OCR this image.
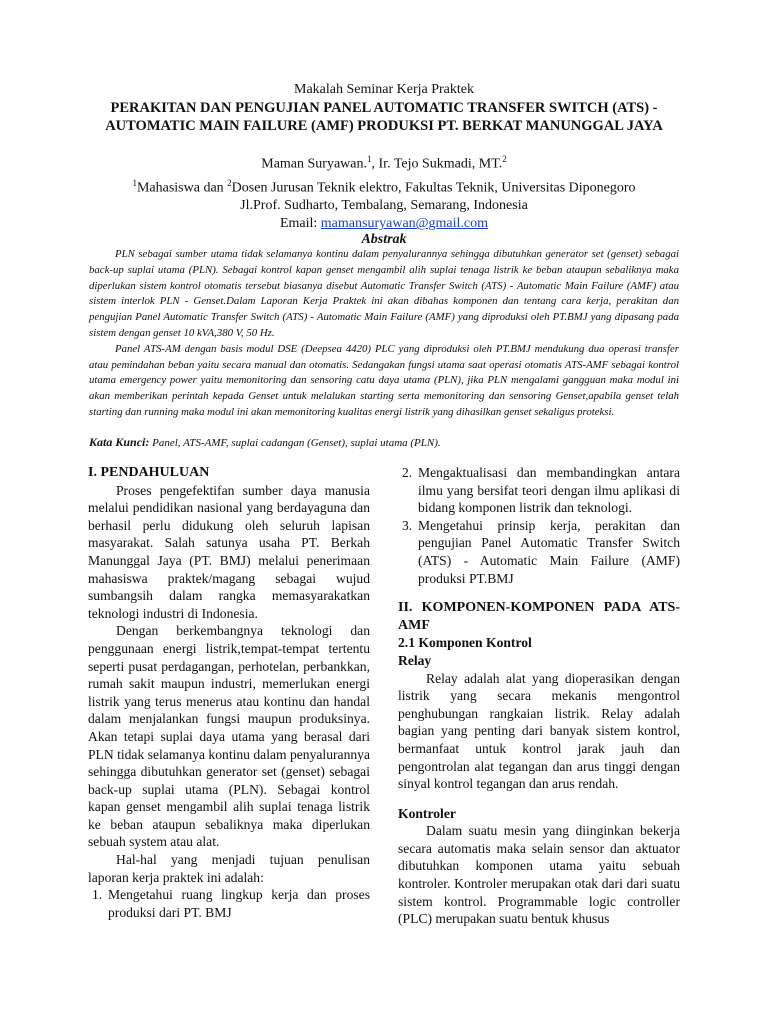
Makalah Seminar Kerja Praktek
PERAKITAN DAN PENGUJIAN PANEL AUTOMATIC TRANSFER SWITCH (ATS) -
AUTOMATIC MAIN FAILURE (AMF) PRODUKSI PT. BERKAT MANUNGGAL JAYA
Maman Suryawan.$^1$, Ir. Tejo Sukmadi, MT.$^2$
$^1$Mahasiswa dan $^2$Dosen Jurusan Teknik elektro, Fakultas Teknik, Universitas Diponegoro
Jl.Prof. Sudharto, Tembalang, Semarang, Indonesia
Email: mamansuryawan@gmail.com
Abstrak

PLN sebagai sumber utama tidak selamanya kontinu dalam penyalurannya sehingga dibutuhkan generator set (genset) sebagai back-up suplai utama (PLN). Sebagai kontrol kapan genset mengambil alih suplai tenaga listrik ke beban ataupun sebaliknya maka diperlukan sistem kontrol otomatis tersebut biasanya disebut Automatic Transfer Switch (ATS) - Automatic Main Failure (AMF) atau sistem interlok PLN - Genset.Dalam Laporan Kerja Praktek ini akan dibahas komponen dan tentang cara kerja, perakitan dan pengujian Panel Automatic Transfer Switch (ATS) - Automatic Main Failure (AMF) yang diproduksi oleh PT.BMJ yang dipasang pada sistem dengan genset 10 kVA,380 V, 50 Hz.

Panel ATS-AM dengan basis modul DSE (Deepsea 4420) PLC yang diproduksi oleh PT.BMJ mendukung dua operasi transfer atau pemindahan beban yaitu secara manual dan otomatis. Sedangakan fungsi utama saat operasi otomatis ATS-AMF sebagai kontrol utama emergency power yaitu memonitoring dan sensoring catu daya utama (PLN), jika PLN mengalami gangguan maka modul ini akan memberikan perintah kepada Genset untuk melalukan starting serta memonitoring dan sensoring Genset,apabila genset telah starting dan running maka modul ini akan memonitoring kualitas energi listrik yang dihasilkan genset sekaligus proteksi.

Kata Kunci: Panel, ATS-AMF, suplai cadangan (Genset), suplai utama (PLN).
I. PENDAHULUAN

Proses pengefektifan sumber daya manusia melalui pendidikan nasional yang berdayaguna dan berhasil perlu didukung oleh seluruh lapisan masyarakat. Salah satunya usaha PT. Berkah Manunggal Jaya (PT. BMJ) melalui penerimaan mahasiswa praktek/magang sebagai wujud sumbangsih dalam rangka memasyarakatkan teknologi industri di Indonesia.

Dengan berkembangnya teknologi dan penggunaan energi listrik,tempat-tempat tertentu seperti pusat perdagangan, perhotelan, perbankkan, rumah sakit maupun industri, memerlukan energi listrik yang terus menerus atau kontinu dan handal dalam menjalankan fungsi maupun produksinya. Akan tetapi suplai daya utama yang berasal dari PLN tidak selamanya kontinu dalam penyalurannya sehingga dibutuhkan generator set (genset) sebagai back-up suplai utama (PLN). Sebagai kontrol kapan genset mengambil alih suplai tenaga listrik ke beban ataupun sebaliknya maka diperlukan sebuah system atau alat.

Hal-hal yang menjadi tujuan penulisan laporan kerja praktek ini adalah:

1. Mengetahui ruang lingkup kerja dan proses produksi dari PT. BMJ
2. Mengaktualisasi dan membandingkan antara ilmu yang bersifat teori dengan ilmu aplikasi di bidang komponen listrik dan teknologi.
3. Mengetahui prinsip kerja, perakitan dan pengujian Panel Automatic Transfer Switch (ATS) - Automatic Main Failure (AMF) produksi PT.BMJ
II. KOMPONEN-KOMPONEN PADA ATS-AMF
2.1 Komponen Kontrol
Relay

Relay adalah alat yang dioperasikan dengan listrik yang secara mekanis mengontrol penghubungan rangkaian listrik. Relay adalah bagian yang penting dari banyak sistem kontrol, bermanfaat untuk kontrol jarak jauh dan pengontrolan alat tegangan dan arus tinggi dengan sinyal kontrol tegangan dan arus rendah.

Kontroler

Dalam suatu mesin yang diinginkan bekerja secara automatis maka selain sensor dan aktuator dibutuhkan komponen utama yaitu sebuah kontroler. Kontroler merupakan otak dari dari suatu sistem kontrol. Programmable logic controller (PLC) merupakan suatu bentuk khusus
